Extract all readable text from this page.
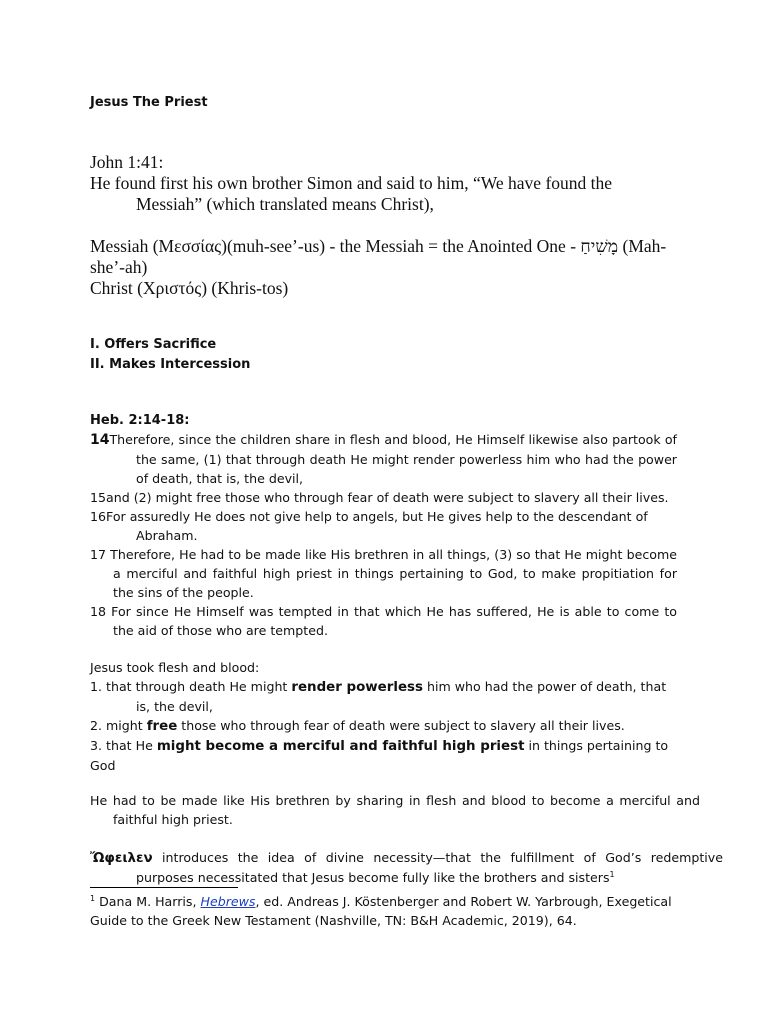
Jesus The Priest

John 1:41:

He found first his own brother Simon and said to him, “We have found the Messiah” (which translated means Christ),

Messiah (Μεσσίας)(muh-see’-us) - the Messiah = the Anointed One - מָשִׁיחַ (Mah-she’-ah)

Christ (Χριστός) (Khris-tos)

I. Offers Sacrifice

II. Makes Intercession

Heb. 2:14-18:

14Therefore, since the children share in flesh and blood, He Himself likewise also partook of the same, (1) that through death He might render powerless him who had the power of death, that is, the devil,

15and (2) might free those who through fear of death were subject to slavery all their lives.

16For assuredly He does not give help to angels, but He gives help to the descendant of Abraham.

17 Therefore, He had to be made like His brethren in all things, (3) so that He might become a merciful and faithful high priest in things pertaining to God, to make propitiation for the sins of the people.

18 For since He Himself was tempted in that which He has suffered, He is able to come to the aid of those who are tempted.

Jesus took flesh and blood:

1. that through death He might render powerless him who had the power of death, that is, the devil,

2. might free those who through fear of death were subject to slavery all their lives.

3. that He might become a merciful and faithful high priest in things pertaining to God

He had to be made like His brethren by sharing in flesh and blood to become a merciful and faithful high priest.

Ὤφειλεν introduces the idea of divine necessity—that the fulfillment of God’s redemptive purposes necessitated that Jesus become fully like the brothers and sisters$^1$

$^1$ Dana M. Harris, Hebrews, ed. Andreas J. Köstenberger and Robert W. Yarbrough, Exegetical Guide to the Greek New Testament (Nashville, TN: B&H Academic, 2019), 64.
